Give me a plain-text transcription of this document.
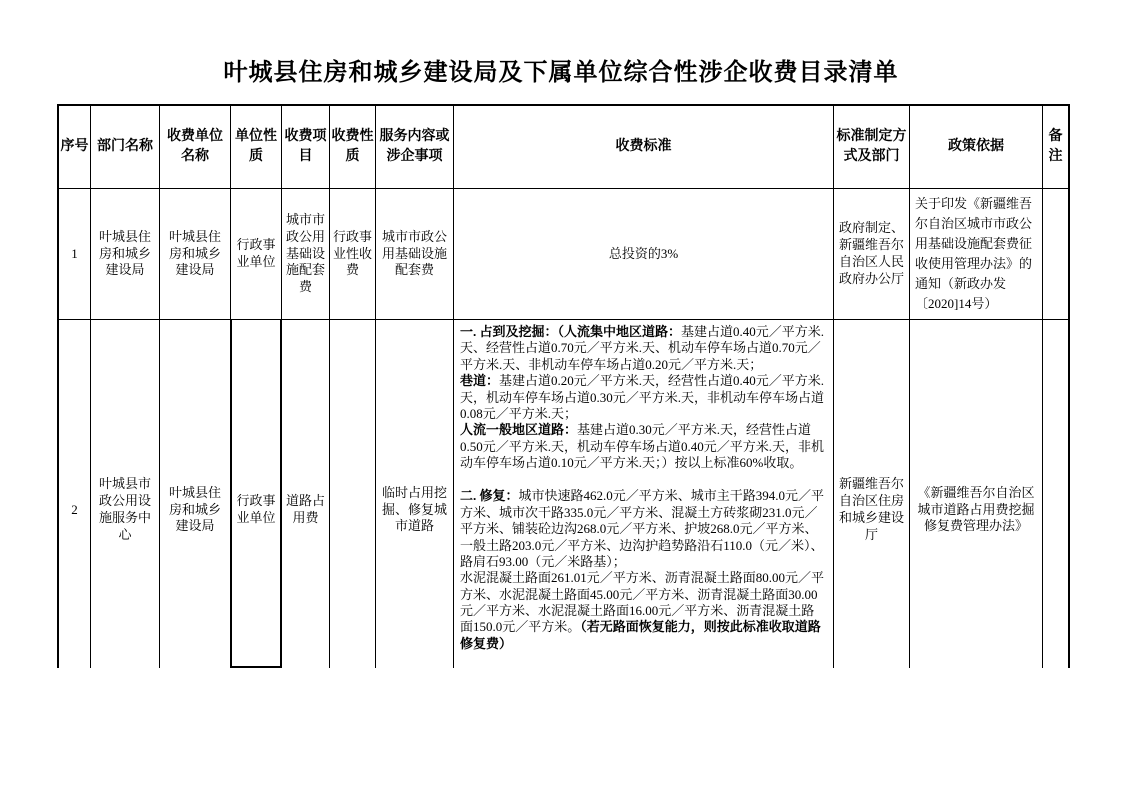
叶城县住房和城乡建设局及下属单位综合性涉企收费目录清单
序号 部门名称
收费单位名称
单位性质
收费项目
收费性质
服务内容或涉企事项
收费标准
标准制定方式及部门
政策依据
备注
1
叶城县住房和城乡建设局
叶城县住房和城乡建设局
行政事业单位
城市市政公用基础设施配套费
行政事业性收费
城市市政公用基础设施配套费
总投资的3%
政府制定、新疆维吾尔自治区人民政府办公厅
关于印发《新疆维吾尔自治区城市市政公用基础设施配套费征收使用管理办法》的通知（新政办发〔2020]14号）
2
叶城县市政公用设施服务中心
叶城县住房和城乡建设局
行政事业单位
道路占用费
临时占用挖掘、修复城市道路
一. 占到及挖掘：（人流集中地区道路：基建占道0.40元／平方米.天、经营性占道0.70元／平方米.天、机动车停车场占道0.70元／平方米.天、非机动车停车场占道0.20元／平方米.天；
巷道：基建占道0.20元／平方米.天，经营性占道0.40元／平方米.天，机动车停车场占道0.30元／平方米.天，非机动车停车场占道0.08元／平方米.天；
人流一般地区道路：基建占道0.30元／平方米.天，经营性占道0.50元／平方米.天，机动车停车场占道0.40元／平方米.天，非机动车停车场占道0.10元／平方米.天；）按以上标准60%收取。
二. 修复：城市快速路462.0元／平方米、城市主干路394.0元／平方米、城市次干路335.0元／平方米、混凝土方砖浆砌231.0元／平方米、铺装砼边沟268.0元／平方米、护坡268.0元／平方米、一般土路203.0元／平方米、边沟护趋势路沿石110.0（元／米）、路肩石93.00（元／米路基）；
水泥混凝土路面261.01元／平方米、沥青混凝土路面80.00元／平方米、水泥混凝土路面45.00元／平方米、沥青混凝土路面30.00元／平方米、水泥混凝土路面16.00元／平方米、沥青混凝土路面150.0元／平方米。（若无路面恢复能力，则按此标准收取道路修复费）
新疆维吾尔自治区住房和城乡建设厅
《新疆维吾尔自治区城市道路占用费挖掘修复费管理办法》
